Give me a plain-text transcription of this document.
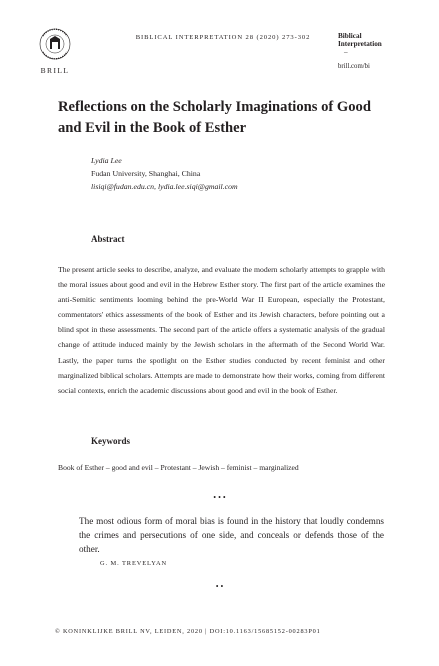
BRILL
BIBLICAL INTERPRETATION 28 (2020) 273-302	Biblical
Interpretation
–
brill.com/bi
Reflections on the Scholarly Imaginations of Good and Evil in the Book of Esther
Lydia Lee
Fudan University, Shanghai, China
lisiqi@fudan.edu.cn, lydia.lee.siqi@gmail.com
Abstract
The present article seeks to describe, analyze, and evaluate the modern scholarly attempts to grapple with the moral issues about good and evil in the Hebrew Esther story. The first part of the article examines the anti-Semitic sentiments looming behind the pre-World War II European, especially the Protestant, commentators' ethics assessments of the book of Esther and its Jewish characters, before pointing out a blind spot in these assessments. The second part of the article offers a systematic analysis of the gradual change of attitude induced mainly by the Jewish scholars in the aftermath of the Second World War. Lastly, the paper turns the spotlight on the Esther studies conducted by recent feminist and other marginalized biblical scholars. Attempts are made to demonstrate how their works, coming from different social contexts, enrich the academic discussions about good and evil in the book of Esther.
Keywords
Book of Esther – good and evil – Protestant – Jewish – feminist – marginalized
• • •
The most odious form of moral bias is found in the history that loudly condemns the crimes and persecutions of one side, and conceals or defends those of the other.
G. M. TREVELYAN
• •
© KONINKLIJKE BRILL NV, LEIDEN, 2020 | DOI:10.1163/15685152-00283P01
